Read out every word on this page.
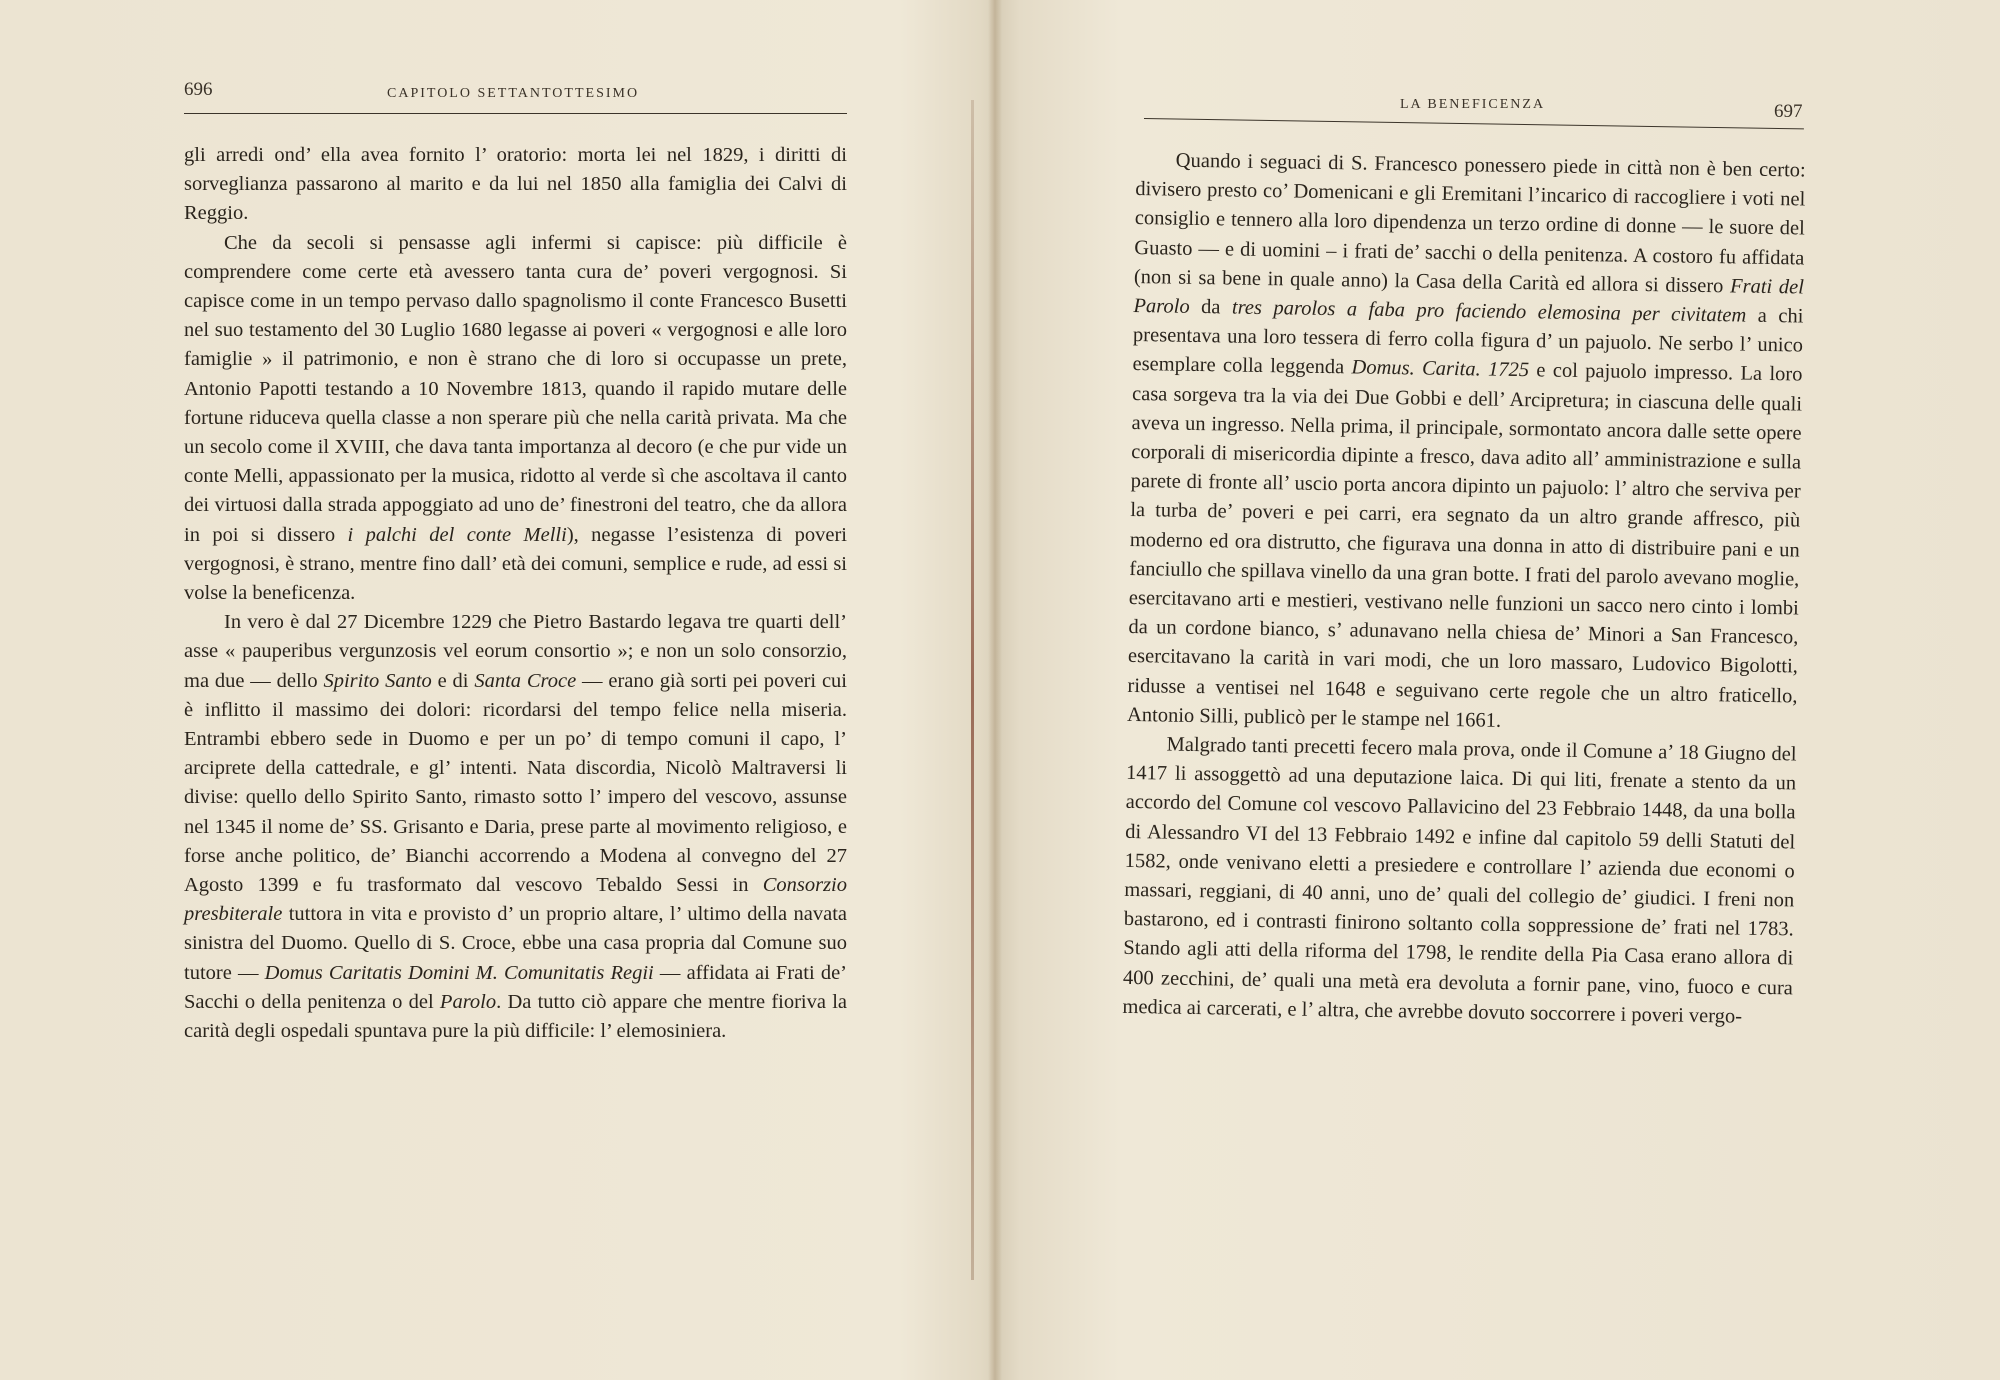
696	CAPITOLO SETTANTOTTESIMO

gli arredi ond’ ella avea fornito l’ oratorio: morta lei nel 1829, i diritti di sorveglianza passarono al marito e da lui nel 1850 alla famiglia dei Calvi di Reggio.

Che da secoli si pensasse agli infermi si capisce: più difficile è comprendere come certe età avessero tanta cura de’ poveri vergognosi. Si capisce come in un tempo pervaso dallo spagnolismo il conte Francesco Busetti nel suo testamento del 30 Luglio 1680 legasse ai poveri « vergognosi e alle loro famiglie » il patrimonio, e non è strano che di loro si occupasse un prete, Antonio Papotti testando a 10 Novembre 1813, quando il rapido mutare delle fortune riduceva quella classe a non sperare più che nella carità privata. Ma che un secolo come il XVIII, che dava tanta importanza al decoro (e che pur vide un conte Melli, appassionato per la musica, ridotto al verde sì che ascoltava il canto dei virtuosi dalla strada appoggiato ad uno de’ finestroni del teatro, che da allora in poi si dissero i palchi del conte Melli), negasse l’esistenza di poveri vergognosi, è strano, mentre fino dall’ età dei comuni, semplice e rude, ad essi si volse la beneficenza.

In vero è dal 27 Dicembre 1229 che Pietro Bastardo legava tre quarti dell’ asse « pauperibus vergunzosis vel eorum consortio »; e non un solo consorzio, ma due — dello Spirito Santo e di Santa Croce — erano già sorti pei poveri cui è inflitto il massimo dei dolori: ricordarsi del tempo felice nella miseria. Entrambi ebbero sede in Duomo e per un po’ di tempo comuni il capo, l’ arciprete della cattedrale, e gl’ intenti. Nata discordia, Nicolò Maltraversi li divise: quello dello Spirito Santo, rimasto sotto l’ impero del vescovo, assunse nel 1345 il nome de’ SS. Grisanto e Daria, prese parte al movimento religioso, e forse anche politico, de’ Bianchi accorrendo a Modena al convegno del 27 Agosto 1399 e fu trasformato dal vescovo Tebaldo Sessi in Consorzio presbiterale tuttora in vita e provisto d’ un proprio altare, l’ ultimo della navata sinistra del Duomo. Quello di S. Croce, ebbe una casa propria dal Comune suo tutore — Domus Caritatis Domini M. Comunitatis Regii — affidata ai Frati de’ Sacchi o della penitenza o del Parolo. Da tutto ciò appare che mentre fioriva la carità degli ospedali spuntava pure la più difficile: l’ elemosiniera.

LA BENEFICENZA	697

Quando i seguaci di S. Francesco ponessero piede in città non è ben certo: divisero presto co’ Domenicani e gli Eremitani l’incarico di raccogliere i voti nel consiglio e tennero alla loro dipendenza un terzo ordine di donne — le suore del Guasto — e di uomini – i frati de’ sacchi o della penitenza. A costoro fu affidata (non si sa bene in quale anno) la Casa della Carità ed allora si dissero Frati del Parolo da tres parolos a faba pro faciendo elemosina per civitatem a chi presentava una loro tessera di ferro colla figura d’ un pajuolo. Ne serbo l’ unico esemplare colla leggenda Domus. Carita. 1725 e col pajuolo impresso. La loro casa sorgeva tra la via dei Due Gobbi e dell’ Arcipretura; in ciascuna delle quali aveva un ingresso. Nella prima, il principale, sormontato ancora dalle sette opere corporali di misericordia dipinte a fresco, dava adito all’ amministrazione e sulla parete di fronte all’ uscio porta ancora dipinto un pajuolo: l’ altro che serviva per la turba de’ poveri e pei carri, era segnato da un altro grande affresco, più moderno ed ora distrutto, che figurava una donna in atto di distribuire pani e un fanciullo che spillava vinello da una gran botte. I frati del parolo avevano moglie, esercitavano arti e mestieri, vestivano nelle funzioni un sacco nero cinto i lombi da un cordone bianco, s’ adunavano nella chiesa de’ Minori a San Francesco, esercitavano la carità in vari modi, che un loro massaro, Ludovico Bigolotti, ridusse a ventisei nel 1648 e seguivano certe regole che un altro fraticello, Antonio Silli, publicò per le stampe nel 1661.

Malgrado tanti precetti fecero mala prova, onde il Comune a’ 18 Giugno del 1417 li assoggettò ad una deputazione laica. Di qui liti, frenate a stento da un accordo del Comune col vescovo Pallavicino del 23 Febbraio 1448, da una bolla di Alessandro VI del 13 Febbraio 1492 e infine dal capitolo 59 delli Statuti del 1582, onde venivano eletti a presiedere e controllare l’ azienda due economi o massari, reggiani, di 40 anni, uno de’ quali del collegio de’ giudici. I freni non bastarono, ed i contrasti finirono soltanto colla soppressione de’ frati nel 1783. Stando agli atti della riforma del 1798, le rendite della Pia Casa erano allora di 400 zecchini, de’ quali una metà era devoluta a fornir pane, vino, fuoco e cura medica ai carcerati, e l’ altra, che avrebbe dovuto soccorrere i poveri vergo-
